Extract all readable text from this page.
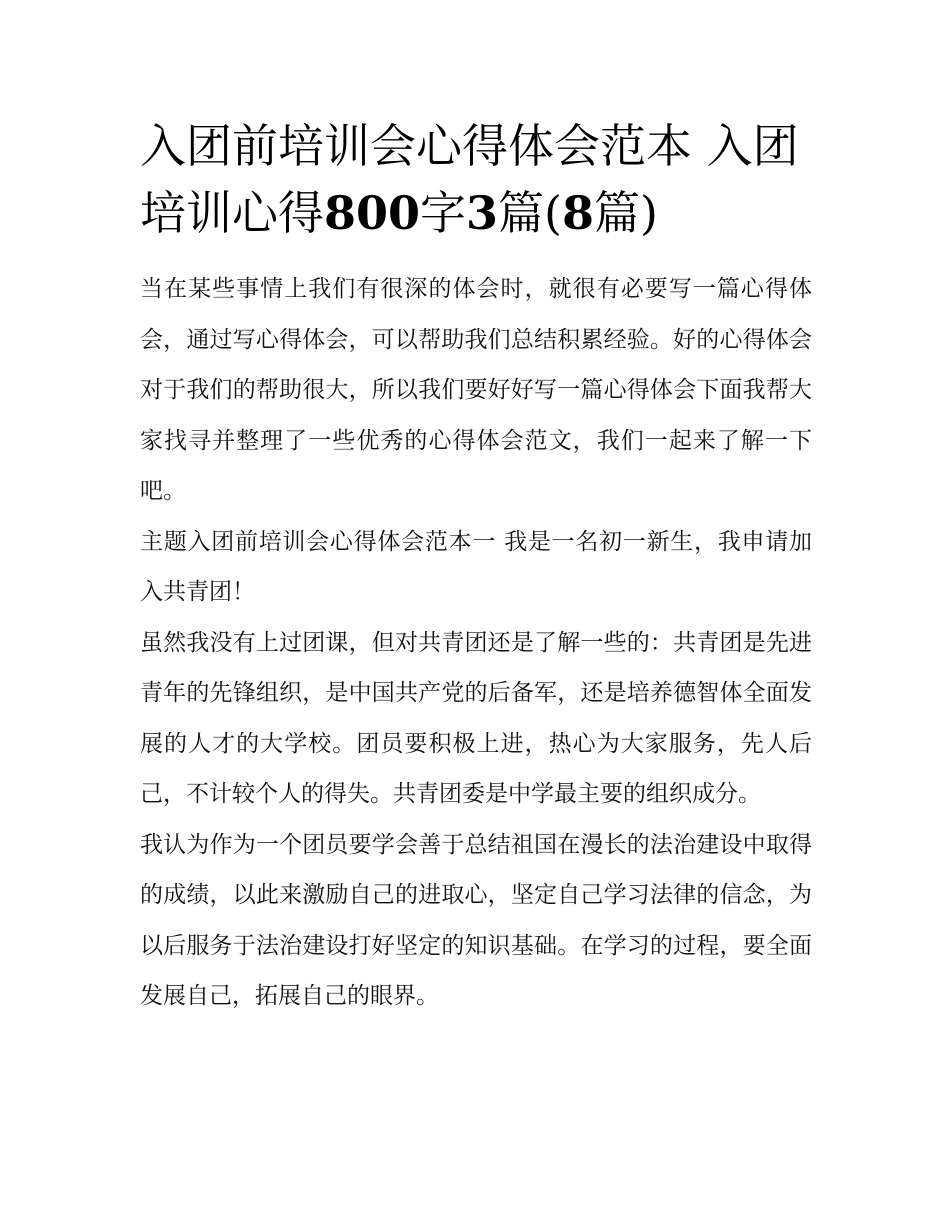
入团前培训会心得体会范本 入团培训心得800字3篇(8篇)

当在某些事情上我们有很深的体会时，就很有必要写一篇心得体会，通过写心得体会，可以帮助我们总结积累经验。好的心得体会对于我们的帮助很大，所以我们要好好写一篇心得体会下面我帮大家找寻并整理了一些优秀的心得体会范文，我们一起来了解一下吧。

主题入团前培训会心得体会范本一 我是一名初一新生，我申请加入共青团！

虽然我没有上过团课，但对共青团还是了解一些的：共青团是先进青年的先锋组织，是中国共产党的后备军，还是培养德智体全面发展的人才的大学校。团员要积极上进，热心为大家服务，先人后己，不计较个人的得失。共青团委是中学最主要的组织成分。

我认为作为一个团员要学会善于总结祖国在漫长的法治建设中取得的成绩，以此来激励自己的进取心，坚定自己学习法律的信念，为以后服务于法治建设打好坚定的知识基础。在学习的过程，要全面发展自己，拓展自己的眼界。
